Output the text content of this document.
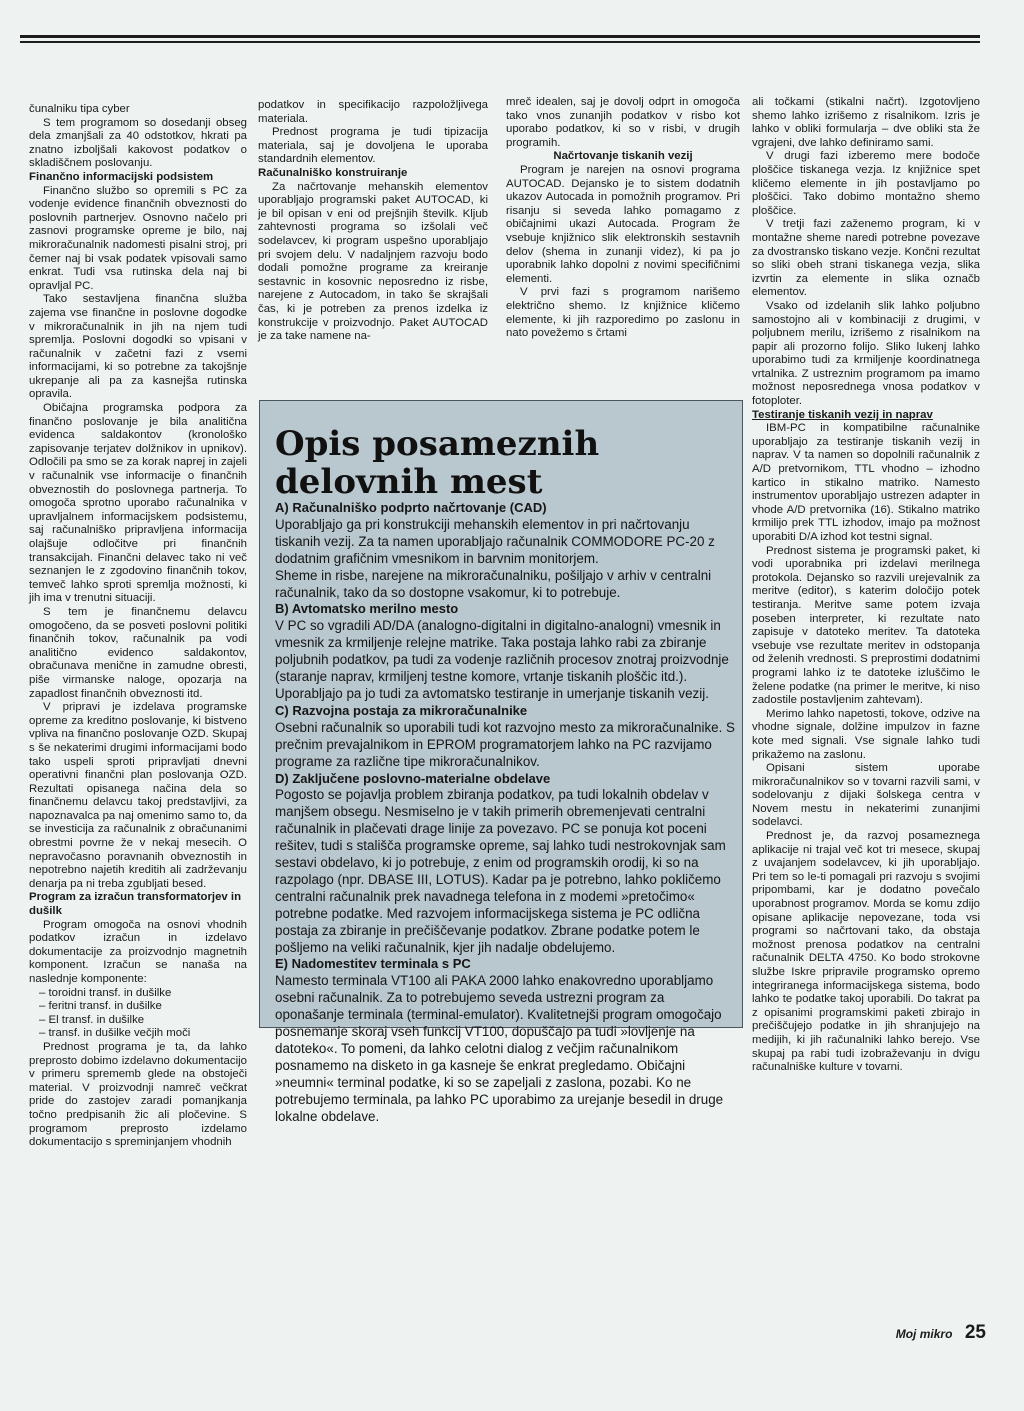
čunalniku tipa cyber

S tem programom so dosedanji obseg dela zmanjšali za 40 odstotkov, hkrati pa znatno izboljšali kakovost podatkov o skladiščnem poslovanju.

Finančno informacijski podsistem

Finančno službo so opremili s PC za vodenje evidence finančnih obveznosti do poslovnih partnerjev. Osnovno načelo pri zasnovi programske opreme je bilo, naj mikroračunalnik nadomesti pisalni stroj, pri čemer naj bi vsak podatek vpisovali samo enkrat. Tudi vsa rutinska dela naj bi opravljal PC.

Tako sestavljena finančna služba zajema vse finančne in poslovne dogodke v mikroračunalnik in jih na njem tudi spremlja. Poslovni dogodki so vpisani v računalnik v začetni fazi z vsemi informacijami, ki so potrebne za takojšnje ukrepanje ali pa za kasnejša rutinska opravila.

Običajna programska podpora za finančno poslovanje je bila analitična evidenca saldakontov (kronološko zapisovanje terjatev dolžnikov in upnikov). Odločili pa smo se za korak naprej in zajeli v računalnik vse informacije o finančnih obveznostih do poslovnega partnerja. To omogoča sprotno uporabo računalnika v upravljalnem informacijskem podsistemu, saj računalniško pripravljena informacija olajšuje odločitve pri finančnih transakcijah. Finančni delavec tako ni več seznanjen le z zgodovino finančnih tokov, temveč lahko sproti spremlja možnosti, ki jih ima v trenutni situaciji.

S tem je finančnemu delavcu omogočeno, da se posveti poslovni politiki finančnih tokov, računalnik pa vodi analitično evidenco saldakontov, obračunava menične in zamudne obresti, piše virmanske naloge, opozarja na zapadlost finančnih obveznosti itd.

V pripravi je izdelava programske opreme za kreditno poslovanje, ki bistveno vpliva na finančno poslovanje OZD. Skupaj s še nekaterimi drugimi informacijami bodo tako uspeli sproti pripravljati dnevni operativni finančni plan poslovanja OZD. Rezultati opisanega načina dela so finančnemu delavcu takoj predstavljivi, za napoznavalca pa naj omenimo samo to, da se investicija za računalnik z obračunanimi obrestmi povrne že v nekaj mesecih. O nepravočasno poravnanih obveznostih in nepotrebno najetih kreditih ali zadrževanju denarja pa ni treba zgubljati besed.

Program za izračun transformatorjev in dušilk

Program omogoča na osnovi vhodnih podatkov izračun in izdelavo dokumentacije za proizvodnjo magnetnih komponent. Izračun se nanaša na naslednje komponente:

– toroidni transf. in dušilke
– feritni transf. in dušilke
– El transf. in dušilke
– transf. in dušilke večjih moči

Prednost programa je ta, da lahko preprosto dobimo izdelavno dokumentacijo v primeru sprememb glede na obstoječi material. V proizvodnji namreč večkrat pride do zastojev zaradi pomanjkanja točno predpisanih žic ali pločevine. S programom preprosto izdelamo dokumentacijo s spreminjanjem vhodnih

podatkov in specifikacijo razpoložljivega materiala.

Prednost programa je tudi tipizacija materiala, saj je dovoljena le uporaba standardnih elementov.

Računalniško konstruiranje

Za načrtovanje mehanskih elementov uporabljajo programski paket AUTOCAD, ki je bil opisan v eni od prejšnjih številk. Kljub zahtevnosti programa so izšolali več sodelavcev, ki program uspešno uporabljajo pri svojem delu. V nadaljnjem razvoju bodo dodali pomožne programe za kreiranje sestavnic in kosovnic neposredno iz risbe, narejene z Autocadom, in tako še skrajšali čas, ki je potreben za prenos izdelka iz konstrukcije v proizvodnjo. Paket AUTOCAD je za take namene na-

mreč idealen, saj je dovolj odprt in omogoča tako vnos zunanjih podatkov v risbo kot uporabo podatkov, ki so v risbi, v drugih programih.

Načrtovanje tiskanih vezij

Program je narejen na osnovi programa AUTOCAD. Dejansko je to sistem dodatnih ukazov Autocada in pomožnih programov. Pri risanju si seveda lahko pomagamo z običajnimi ukazi Autocada. Program že vsebuje knjižnico slik elektronskih sestavnih delov (shema in zunanji videz), ki pa jo uporabnik lahko dopolni z novimi specifičnimi elementi.

V prvi fazi s programom narišemo električno shemo. Iz knjižnice kličemo elemente, ki jih razporedimo po zaslonu in nato povežemo s črtami

ali točkami (stikalni načrt). Izgotovljeno shemo lahko izrišemo z risalnikom. Izris je lahko v obliki formularja – dve obliki sta že vgrajeni, dve lahko definiramo sami.

V drugi fazi izberemo mere bodoče ploščice tiskanega vezja. Iz knjižnice spet kličemo elemente in jih postavljamo po ploščici. Tako dobimo montažno shemo ploščice.

V tretji fazi zaženemo program, ki v montažne sheme naredi potrebne povezave za dvostransko tiskano vezje. Končni rezultat so sliki obeh strani tiskanega vezja, slika izvrtin za elemente in slika označb elementov.

Vsako od izdelanih slik lahko poljubno samostojno ali v kombinaciji z drugimi, v poljubnem merilu, izrišemo z risalnikom na papir ali prozorno folijo. Sliko lukenj lahko uporabimo tudi za krmiljenje koordinatnega vrtalnika. Z ustreznim programom pa imamo možnost neposrednega vnosa podatkov v fotoploter.

Testiranje tiskanih vezij in naprav

IBM-PC in kompatibilne računalnike uporabljajo za testiranje tiskanih vezij in naprav. V ta namen so dopolnili računalnik z A/D pretvornikom, TTL vhodno – izhodno kartico in stikalno matriko. Namesto instrumentov uporabljajo ustrezen adapter in vhode A/D pretvornika (16). Stikalno matriko krmilijo prek TTL izhodov, imajo pa možnost uporabiti D/A izhod kot testni signal.

Prednost sistema je programski paket, ki vodi uporabnika pri izdelavi merilnega protokola. Dejansko so razvili urejevalnik za meritve (editor), s katerim določijo potek testiranja. Meritve same potem izvaja poseben interpreter, ki rezultate nato zapisuje v datoteko meritev. Ta datoteka vsebuje vse rezultate meritev in odstopanja od želenih vrednosti. S preprostimi dodatnimi programi lahko iz te datoteke izluščimo le želene podatke (na primer le meritve, ki niso zadostile postavljenim zahtevam).

Merimo lahko napetosti, tokove, odzive na vhodne signale, dolžine impulzov in fazne kote med signali. Vse signale lahko tudi prikažemo na zaslonu.

Opisani sistem uporabe mikroračunalnikov so v tovarni razvili sami, v sodelovanju z dijaki šolskega centra v Novem mestu in nekaterimi zunanjimi sodelavci.

Prednost je, da razvoj posameznega aplikacije ni trajal več kot tri mesece, skupaj z uvajanjem sodelavcev, ki jih uporabljajo. Pri tem so le-ti pomagali pri razvoju s svojimi pripombami, kar je dodatno povečalo uporabnost programov. Morda se komu zdijo opisane aplikacije nepovezane, toda vsi programi so načrtovani tako, da obstaja možnost prenosa podatkov na centralni računalnik DELTA 4750. Ko bodo strokovne službe Iskre pripravile programsko opremo integriranega informacijskega sistema, bodo lahko te podatke takoj uporabili. Do takrat pa z opisanimi programskimi paketi zbirajo in prečiščujejo podatke in jih shranjujejo na medijih, ki jih računalniki lahko berejo. Vse skupaj pa rabi tudi izobraževanju in dvigu računalniške kulture v tovarni.

Opis posameznih
delovnih mest
A) Računalniško podprto načrtovanje (CAD)

Uporabljajo ga pri konstrukciji mehanskih elementov in pri načrtovanju tiskanih vezij. Za ta namen uporabljajo računalnik COMMODORE PC-20 z dodatnim grafičnim vmesnikom in barvnim monitorjem.

Sheme in risbe, narejene na mikroračunalniku, pošiljajo v arhiv v centralni računalnik, tako da so dostopne vsakomur, ki to potrebuje.

B) Avtomatsko merilno mesto

V PC so vgradili AD/DA (analogno-digitalni in digitalno-analogni) vmesnik in vmesnik za krmiljenje relejne matrike. Taka postaja lahko rabi za zbiranje poljubnih podatkov, pa tudi za vodenje različnih procesov znotraj proizvodnje (staranje naprav, krmiljenj testne komore, vrtanje tiskanih ploščic itd.).

Uporabljajo pa jo tudi za avtomatsko testiranje in umerjanje tiskanih vezij.

C) Razvojna postaja za mikroračunalnike

Osebni računalnik so uporabili tudi kot razvojno mesto za mikroračunalnike. S prečnim prevajalnikom in EPROM programatorjem lahko na PC razvijamo programe za različne tipe mikroračunalnikov.

D) Zaključene poslovno-materialne obdelave

Pogosto se pojavlja problem zbiranja podatkov, pa tudi lokalnih obdelav v manjšem obsegu. Nesmiselno je v takih primerih obremenjevati centralni računalnik in plačevati drage linije za povezavo. PC se ponuja kot poceni rešitev, tudi s stališča programske opreme, saj lahko tudi nestrokovnjak sam sestavi obdelavo, ki jo potrebuje, z enim od programskih orodij, ki so na razpolago (npr. DBASE III, LOTUS). Kadar pa je potrebno, lahko pokličemo centralni računalnik prek navadnega telefona in z modemi »pretočimo« potrebne podatke. Med razvojem informacijskega sistema je PC odlična postaja za zbiranje in prečiščevanje podatkov. Zbrane podatke potem le pošljemo na veliki računalnik, kjer jih nadalje obdelujemo.

E) Nadomestitev terminala s PC

Namesto terminala VT100 ali PAKA 2000 lahko enakovredno uporabljamo osebni računalnik. Za to potrebujemo seveda ustrezni program za oponašanje terminala (terminal-emulator). Kvalitetnejši program omogočajo posnemanje skoraj vseh funkcij VT100, dopuščajo pa tudi »lovljenje na datoteko«. To pomeni, da lahko celotni dialog z večjim računalnikom posnamemo na disketo in ga kasneje še enkrat pregledamo. Običajni »neumni« terminal podatke, ki so se zapeljali z zaslona, pozabi. Ko ne potrebujemo terminala, pa lahko PC uporabimo za urejanje besedil in druge lokalne obdelave.

Moj mikro 25
